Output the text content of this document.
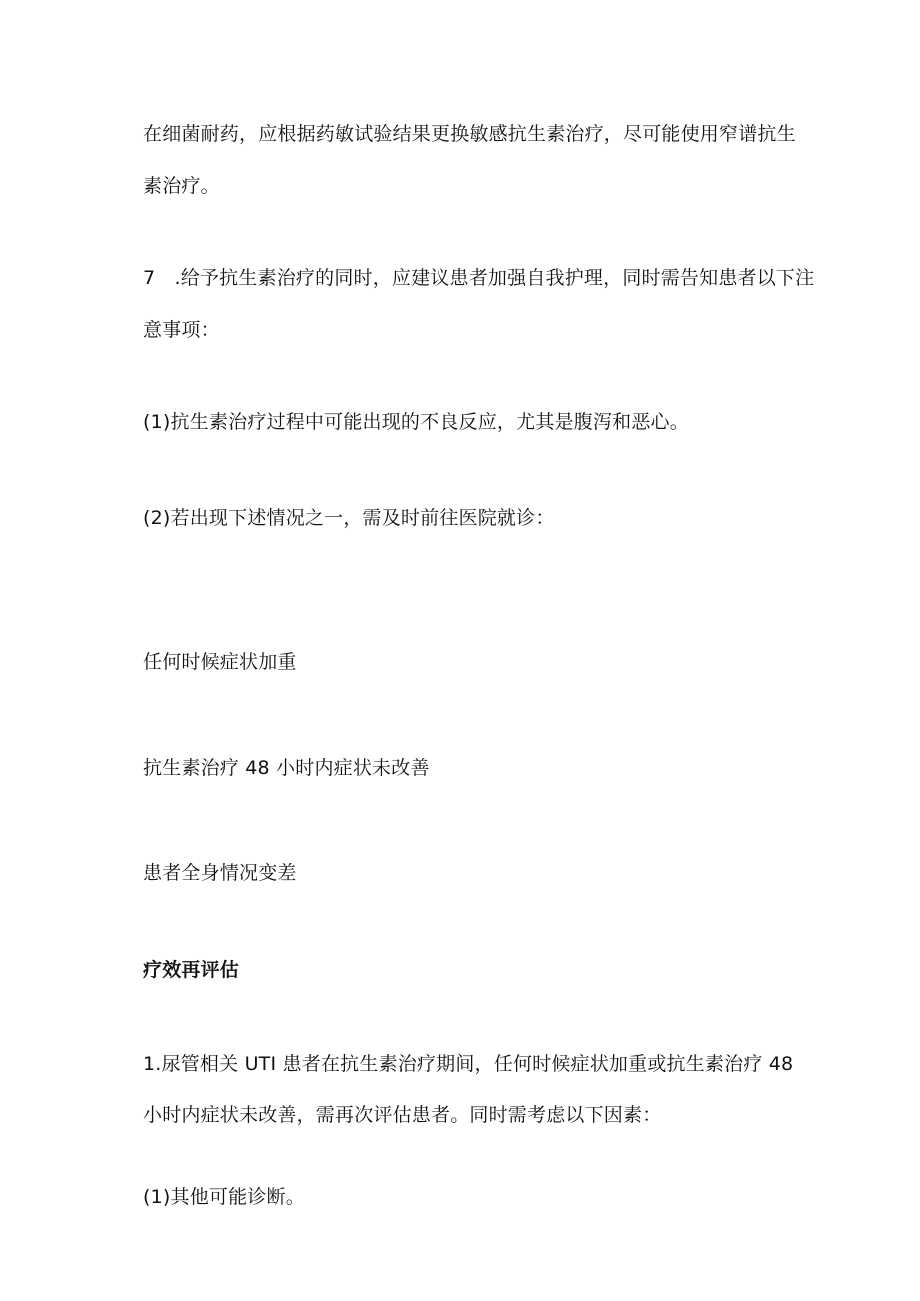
在细菌耐药，应根据药敏试验结果更换敏感抗生素治疗，尽可能使用窄谱抗生
素治疗。
7　.给予抗生素治疗的同时，应建议患者加强自我护理，同时需告知患者以下注
意事项：
(1)抗生素治疗过程中可能出现的不良反应，尤其是腹泻和恶心。
(2)若出现下述情况之一，需及时前往医院就诊：
任何时候症状加重
抗生素治疗 48 小时内症状未改善
患者全身情况变差
疗效再评估
1.尿管相关 UTI 患者在抗生素治疗期间，任何时候症状加重或抗生素治疗 48
小时内症状未改善，需再次评估患者。同时需考虑以下因素：
(1)其他可能诊断。
